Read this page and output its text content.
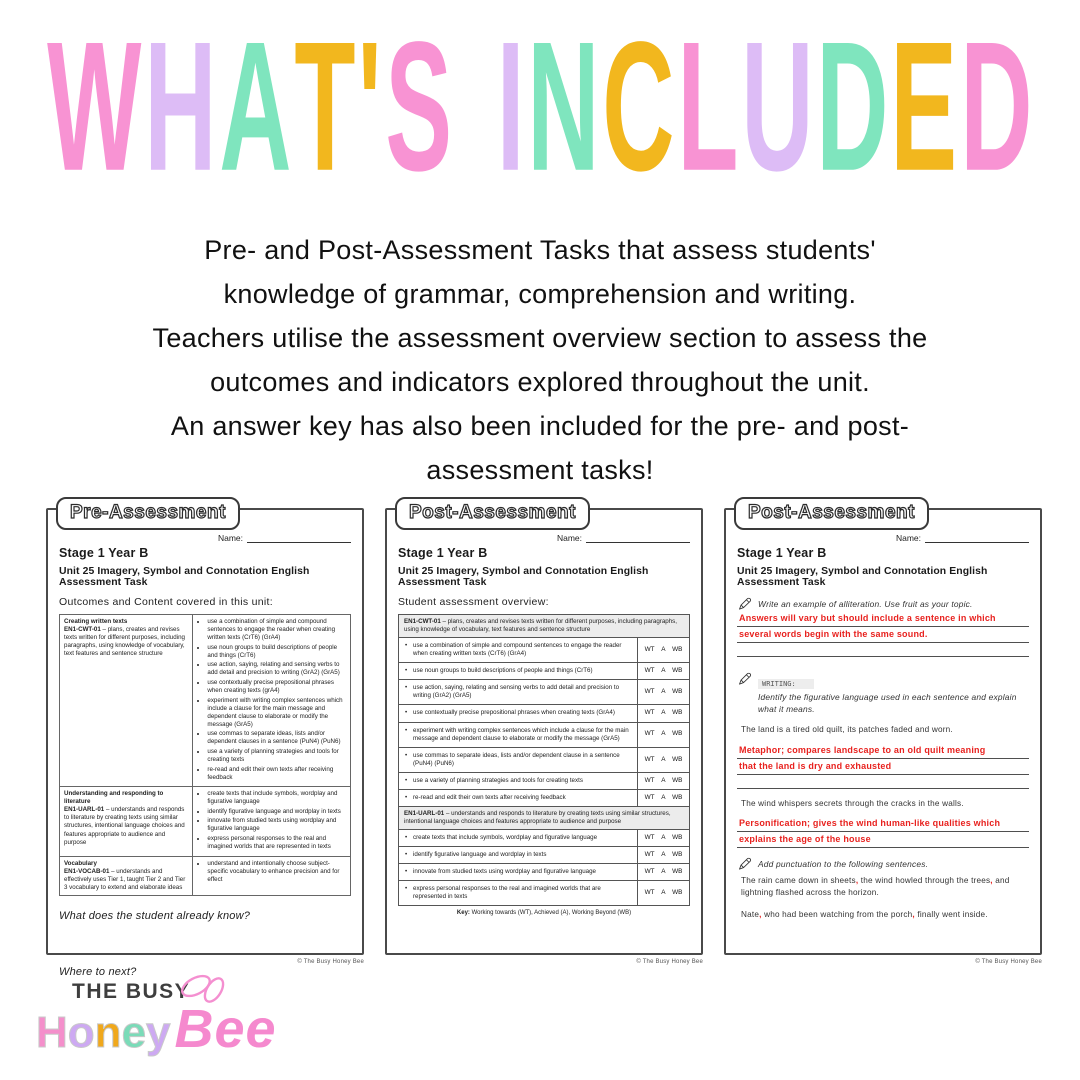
W H A T ' S I N C L U D E D
Pre- and Post-Assessment Tasks that assess students'
knowledge of grammar, comprehension and writing.
Teachers utilise the assessment overview section to assess the
outcomes and indicators explored throughout the unit.
An answer key has also been included for the pre- and post-
assessment tasks!
Pre-Assessment
Name:
Stage 1 Year B
Unit 25 Imagery, Symbol and Connotation English Assessment Task
Outcomes and Content covered in this unit:
Creating written texts
EN1-CWT-01 – plans, creates and revises texts written for different purposes, including paragraphs, using knowledge of vocabulary, text features and sentence structure
• use a combination of simple and compound sentences to engage the reader when creating written texts (CrT6) (GrA4)
• use noun groups to build descriptions of people and things (CrT6)
• use action, saying, relating and sensing verbs to add detail and precision to writing (GrA2) (GrA5)
• use contextually precise prepositional phrases when creating texts (grA4)
• experiment with writing complex sentences which include a clause for the main message and dependent clause to elaborate or modify the message (GrA5)
• use commas to separate ideas, lists and/or dependent clauses in a sentence (PuN4) (PuN6)
• use a variety of planning strategies and tools for creating texts
• re-read and edit their own texts after receiving feedback
Understanding and responding to literature
EN1-UARL-01 – understands and responds to literature by creating texts using similar structures, intentional language choices and features appropriate to audience and purpose
• create texts that include symbols, wordplay and figurative language
• identify figurative language and wordplay in texts
• innovate from studied texts using wordplay and figurative language
• express personal responses to the real and imagined worlds that are represented in texts
Vocabulary
EN1-VOCAB-01 – understands and effectively uses Tier 1, taught Tier 2 and Tier 3 vocabulary to extend and elaborate ideas
• understand and intentionally choose subject-specific vocabulary to enhance precision and for effect
What does the student already know?
Where to next?
© The Busy Honey Bee
Post-Assessment
Name:
Stage 1 Year B
Unit 25 Imagery, Symbol and Connotation English Assessment Task
Student assessment overview:
EN1-CWT-01 – plans, creates and revises texts written for different purposes, including paragraphs, using knowledge of vocabulary, text features and sentence structure
• use a combination of simple and compound sentences to engage the reader when creating written texts (CrT6) (GrA4)
WT A WB
• use noun groups to build descriptions of people and things (CrT6)	WT A WB
• use action, saying, relating and sensing verbs to add detail and precision to writing (GrA2) (GrA5)
WT A WB
• use contextually precise prepositional phrases when creating texts (GrA4)	WT A WB
• experiment with writing complex sentences which include a clause for the main message and dependent clause to elaborate or modify the message (GrA5)
WT A WB
• use commas to separate ideas, lists and/or dependent clause in a sentence (PuN4) (PuN6)
WT A WB
• use a variety of planning strategies and tools for creating texts	WT A WB
• re-read and edit their own texts after receiving feedback	WT A WB
EN1-UARL-01 – understands and responds to literature by creating texts using similar structures, intentional language choices and features appropriate to audience and purpose
• create texts that include symbols, wordplay and figurative language	WT A WB
• identify figurative language and wordplay in texts	WT A WB
• innovate from studied texts using wordplay and figurative language	WT A WB
• express personal responses to the real and imagined worlds that are represented in texts
WT A WB
Key: Working towards (WT), Achieved (A), Working Beyond (WB)
© The Busy Honey Bee
Post-Assessment
Name:
Stage 1 Year B
Unit 25 Imagery, Symbol and Connotation English Assessment Task
Write an example of alliteration. Use fruit as your topic.
Answers will vary but should include a sentence in which
several words begin with the same sound.
WRITING:
Identify the figurative language used in each sentence and explain what it means.
The land is a tired old quilt, its patches faded and worn.
Metaphor; compares landscape to an old quilt meaning
that the land is dry and exhausted
The wind whispers secrets through the cracks in the walls.
Personification; gives the wind human-like qualities which
explains the age of the house
Add punctuation to the following sentences.
The rain came down in sheets, the wind howled through the trees, and lightning flashed across the horizon.
Nate, who had been watching from the porch, finally went inside.
© The Busy Honey Bee
THE BUSY
H o n e y Bee
